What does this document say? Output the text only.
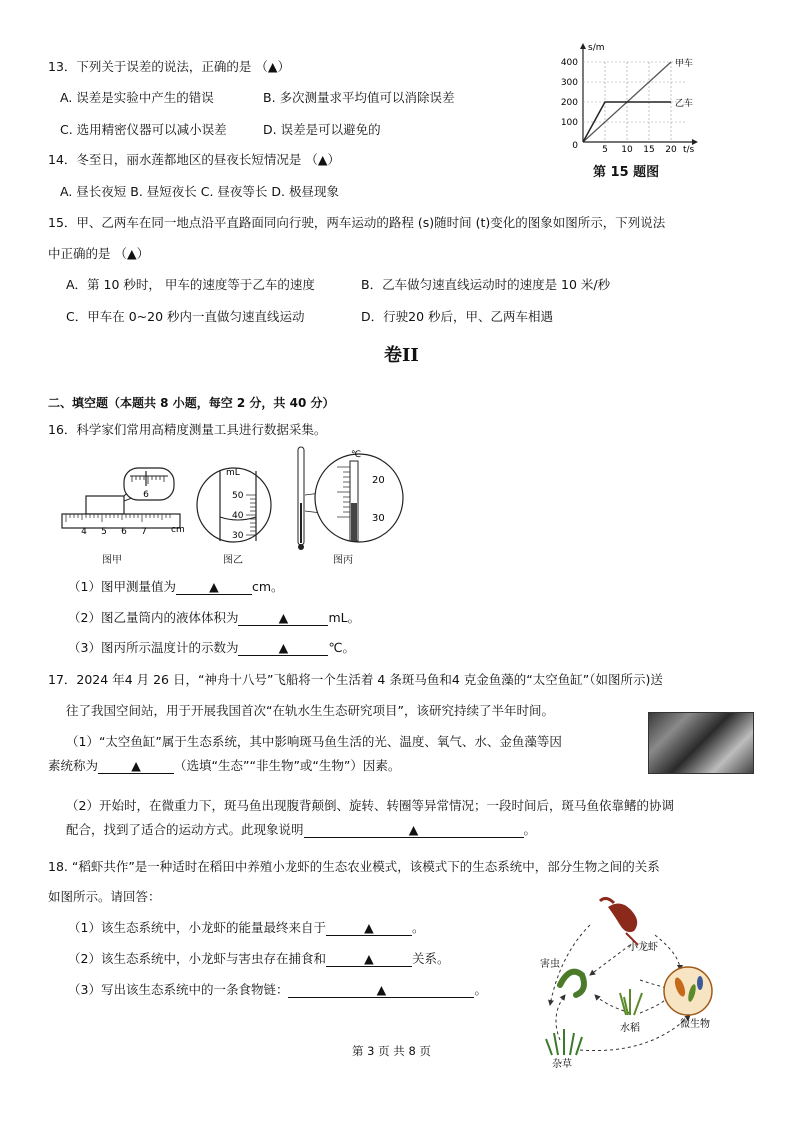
13．下列关于误差的说法，正确的是 （▲）
A. 误差是实验中产生的错误	B. 多次测量求平均值可以消除误差
C. 选用精密仪器可以减小误差	D. 误差是可以避免的
14．冬至日，丽水莲都地区的昼夜长短情况是 （▲）
A. 昼长夜短 B. 昼短夜长 C. 昼夜等长 D. 极昼现象
400
300
200
100
0	5 10 15 20
s/m
t/s
甲车
乙车
第 15 题图
15．甲、乙两车在同一地点沿平直路面同向行驶，两车运动的路程 (s)随时间 (t)变化的图象如图所示，下列说法
中正确的是 （▲）
A．第 10 秒时， 甲车的速度等于乙车的速度	B．乙车做匀速直线运动时的速度是 10 米/秒
C．甲车在 0~20 秒内一直做匀速直线运动	D．行驶20 秒后，甲、乙两车相遇
卷II
二、填空题（本题共 8 小题，每空 2 分，共 40 分）
16．科学家们常用高精度测量工具进行数据采集。
6
4 5 6 7	cm
图甲
mL
50
40
30
图乙
℃
20
30
图丙
（1）图甲测量值为	▲	cm。
（2）图乙量筒内的液体体积为	▲	mL。
（3）图丙所示温度计的示数为	▲	℃。
17．2024 年4 月 26 日，“神舟十八号”飞船将一个生活着 4 条斑马鱼和4 克金鱼藻的“太空鱼缸”（如图所示)送
往了我国空间站，用于开展我国首次“在轨水生生态研究项目”，该研究持续了半年时间。
（1）“太空鱼缸”属于生态系统，其中影响斑马鱼生活的光、温度、氧气、水、金鱼藻等因
素统称为	▲	（选填“生态”“非生物”或“生物”）因素。
（2）开始时，在微重力下，斑马鱼出现腹背颠倒、旋转、转圈等异常情况；一段时间后，斑马鱼依靠鳍的协调
配合，找到了适合的运动方式。此现象说明	▲	。
18. “稻虾共作”是一种适时在稻田中养殖小龙虾的生态农业模式，该模式下的生态系统中，部分生物之间的关系
如图所示。请回答：
（1）该生态系统中，小龙虾的能量最终来自于	▲	。
（2）该生态系统中，小龙虾与害虫存在捕食和	▲	关系。
（3）写出该生态系统中的一条食物链：	▲	。
小龙虾
害虫
水稻	微生物
杂草
第 3 页 共 8 页
